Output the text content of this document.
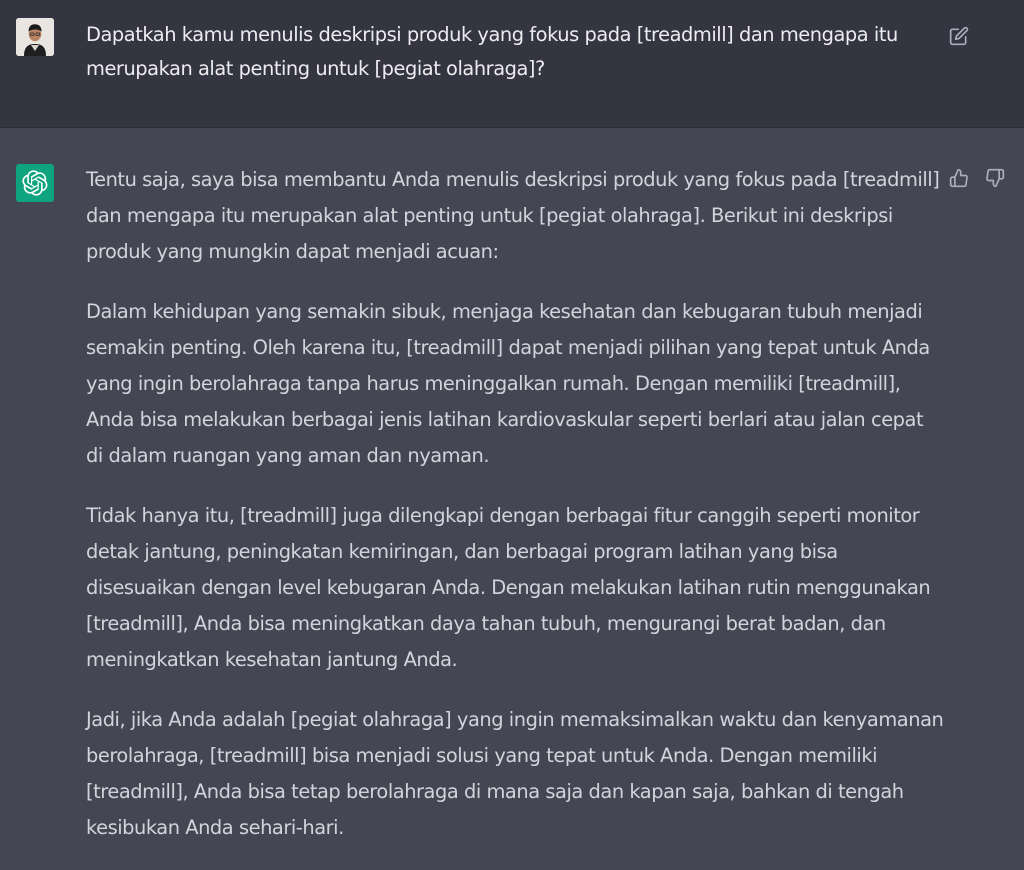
Dapatkah kamu menulis deskripsi produk yang fokus pada [treadmill] dan mengapa itu merupakan alat penting untuk [pegiat olahraga]?

Tentu saja, saya bisa membantu Anda menulis deskripsi produk yang fokus pada [treadmill] dan mengapa itu merupakan alat penting untuk [pegiat olahraga]. Berikut ini deskripsi produk yang mungkin dapat menjadi acuan:

Dalam kehidupan yang semakin sibuk, menjaga kesehatan dan kebugaran tubuh menjadi semakin penting. Oleh karena itu, [treadmill] dapat menjadi pilihan yang tepat untuk Anda yang ingin berolahraga tanpa harus meninggalkan rumah. Dengan memiliki [treadmill], Anda bisa melakukan berbagai jenis latihan kardiovaskular seperti berlari atau jalan cepat di dalam ruangan yang aman dan nyaman.

Tidak hanya itu, [treadmill] juga dilengkapi dengan berbagai fitur canggih seperti monitor detak jantung, peningkatan kemiringan, dan berbagai program latihan yang bisa disesuaikan dengan level kebugaran Anda. Dengan melakukan latihan rutin menggunakan [treadmill], Anda bisa meningkatkan daya tahan tubuh, mengurangi berat badan, dan meningkatkan kesehatan jantung Anda.

Jadi, jika Anda adalah [pegiat olahraga] yang ingin memaksimalkan waktu dan kenyamanan berolahraga, [treadmill] bisa menjadi solusi yang tepat untuk Anda. Dengan memiliki [treadmill], Anda bisa tetap berolahraga di mana saja dan kapan saja, bahkan di tengah kesibukan Anda sehari-hari.
